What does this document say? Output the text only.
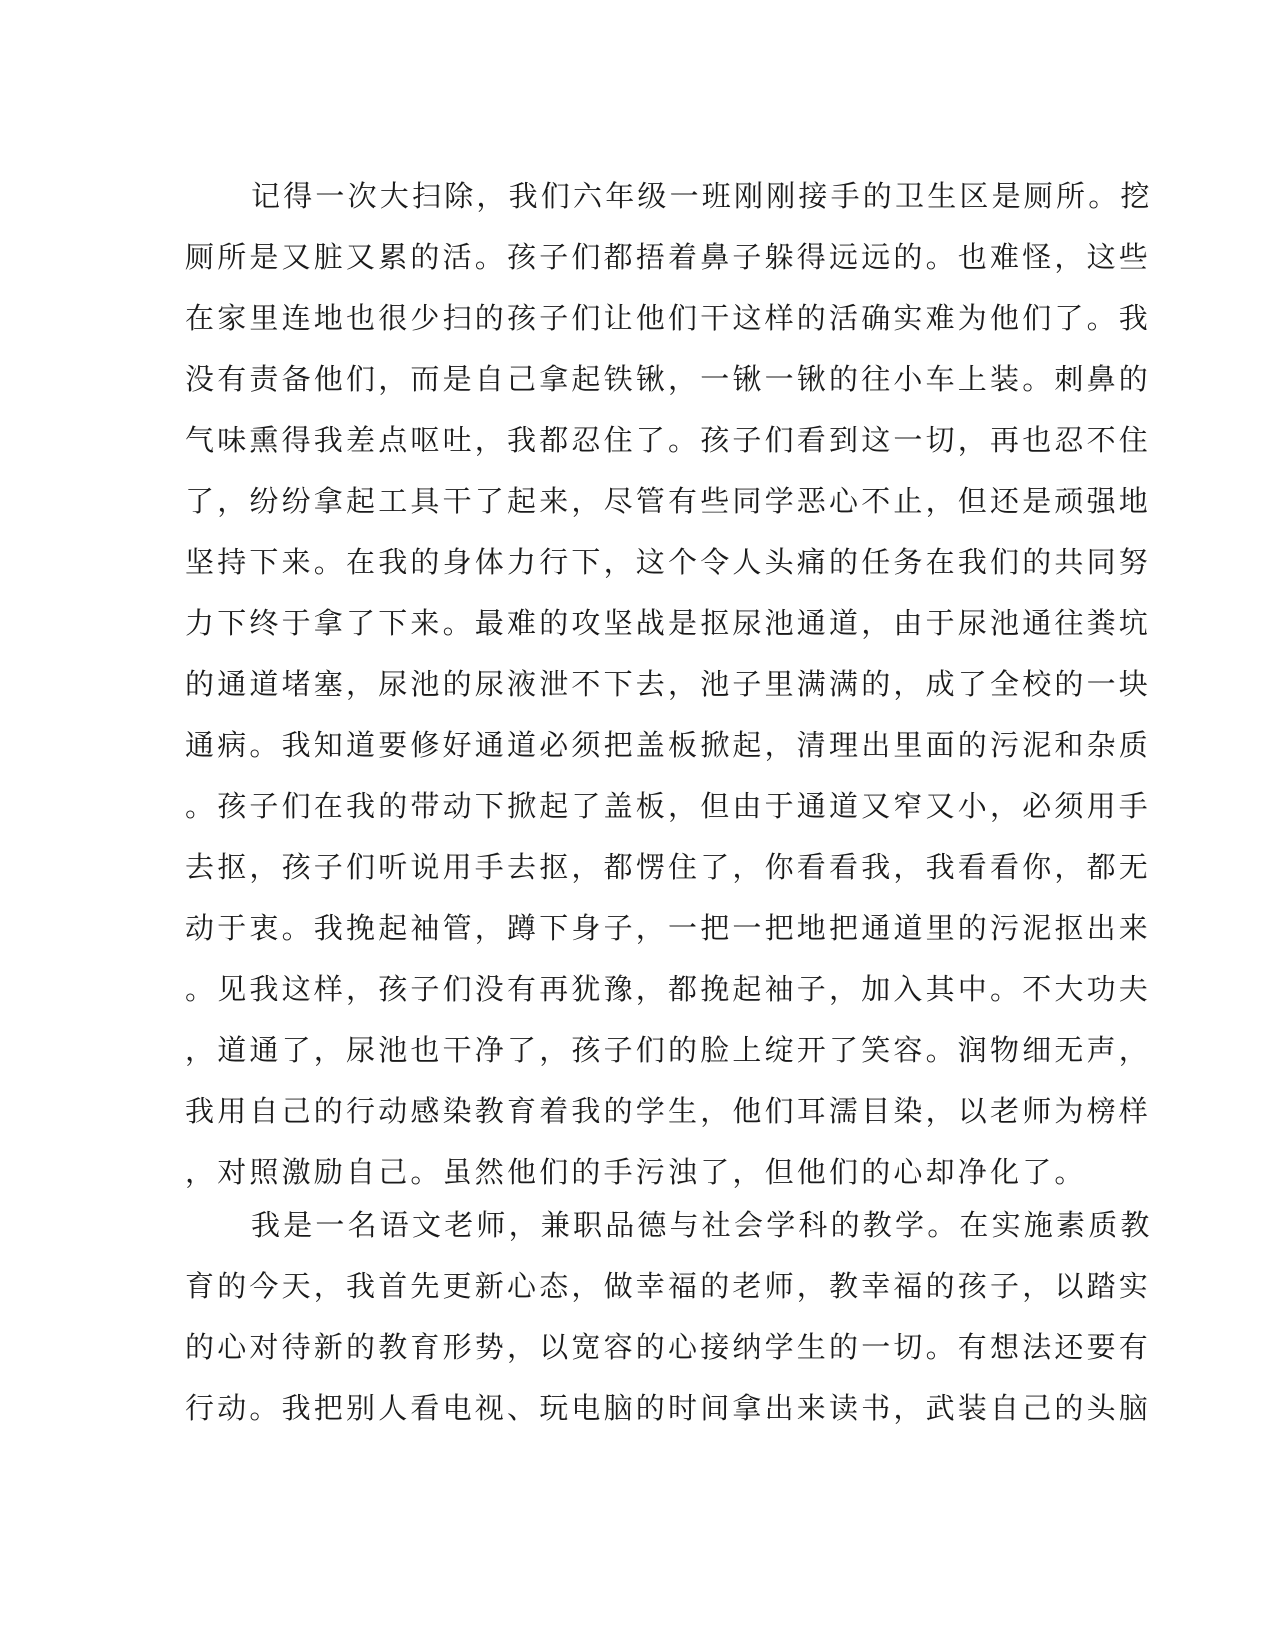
记得一次大扫除，我们六年级一班刚刚接手的卫生区是厕所。挖
厕所是又脏又累的活。孩子们都捂着鼻子躲得远远的。也难怪，这些
在家里连地也很少扫的孩子们让他们干这样的活确实难为他们了。我
没有责备他们，而是自己拿起铁锹，一锹一锹的往小车上装。刺鼻的
气味熏得我差点呕吐，我都忍住了。孩子们看到这一切，再也忍不住
了，纷纷拿起工具干了起来，尽管有些同学恶心不止，但还是顽强地
坚持下来。在我的身体力行下，这个令人头痛的任务在我们的共同努
力下终于拿了下来。最难的攻坚战是抠尿池通道，由于尿池通往粪坑
的通道堵塞，尿池的尿液泄不下去，池子里满满的，成了全校的一块
通病。我知道要修好通道必须把盖板掀起，清理出里面的污泥和杂质
。孩子们在我的带动下掀起了盖板，但由于通道又窄又小，必须用手
去抠，孩子们听说用手去抠，都愣住了，你看看我，我看看你，都无
动于衷。我挽起袖管，蹲下身子，一把一把地把通道里的污泥抠出来
。见我这样，孩子们没有再犹豫，都挽起袖子，加入其中。不大功夫
，道通了，尿池也干净了，孩子们的脸上绽开了笑容。润物细无声，
我用自己的行动感染教育着我的学生，他们耳濡目染，以老师为榜样
，对照激励自己。虽然他们的手污浊了，但他们的心却净化了。
我是一名语文老师，兼职品德与社会学科的教学。在实施素质教
育的今天，我首先更新心态，做幸福的老师，教幸福的孩子，以踏实
的心对待新的教育形势，以宽容的心接纳学生的一切。有想法还要有
行动。我把别人看电视、玩电脑的时间拿出来读书，武装自己的头脑
